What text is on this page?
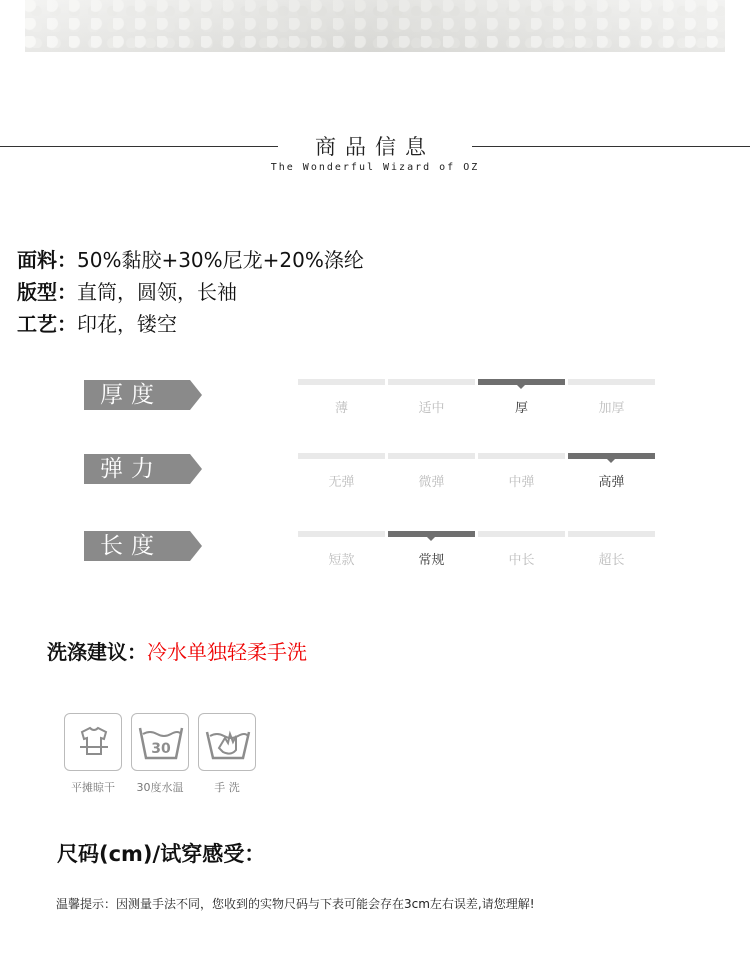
商品信息
The Wonderful Wizard of OZ
面料：50%黏胶+30%尼龙+20%涤纶
版型：直筒，圆领，长袖
工艺：印花，镂空
厚度
薄	适中	厚	加厚
弹力
无弹	微弹	中弹	高弹
长度
短款	常规	中长	超长
洗涤建议：冷水单独轻柔手洗
30
平摊晾干	30度水温	手 洗
尺码(cm)/试穿感受：
温馨提示：因测量手法不同，您收到的实物尺码与下表可能会存在3cm左右误差,请您理解!
